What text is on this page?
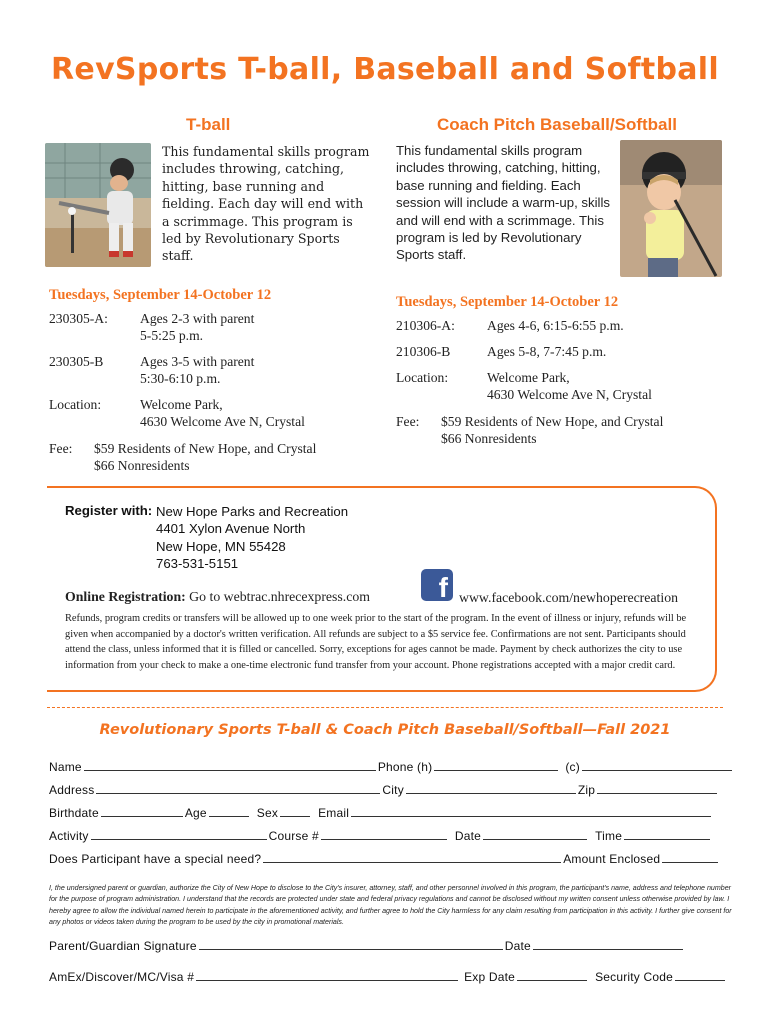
RevSports T-ball, Baseball and Softball
T-ball
This fundamental skills program includes throwing, catching, hitting, base running and fielding. Each day will end with a scrimmage. This program is led by Revolutionary Sports staff.
Tuesdays, September 14-October 12
230305-A: Ages 2-3 with parent
5-5:25 p.m.
230305-B	Ages 3-5 with parent
5:30-6:10 p.m.
Location:	Welcome Park,
4630 Welcome Ave N, Crystal
Fee: $59 Residents of New Hope, and Crystal
$66 Nonresidents
Coach Pitch Baseball/Softball
This fundamental skills program includes throwing, catching, hitting, base running and fielding. Each session will include a warm-up, skills and will end with a scrimmage. This program is led by Revolutionary Sports staff.
Tuesdays, September 14-October 12
210306-A: Ages 4-6, 6:15-6:55 p.m.
210306-B	Ages 5-8, 7-7:45 p.m.
Location:	Welcome Park,
4630 Welcome Ave N, Crystal
Fee: $59 Residents of New Hope, and Crystal
$66 Nonresidents
Register with: New Hope Parks and Recreation
4401 Xylon Avenue North
New Hope, MN 55428
763-531-5151
Online Registration: Go to webtrac.nhrecexpress.com	f www.facebook.com/newhoperecreation
Refunds, program credits or transfers will be allowed up to one week prior to the start of the program. In the event of illness or injury, refunds will be given when accompanied by a doctor's written verification. All refunds are subject to a $5 service fee. Confirmations are not sent. Participants should attend the class, unless informed that it is filled or cancelled. Sorry, exceptions for ages cannot be made. Payment by check authorizes the city to use information from your check to make a one-time electronic fund transfer from your account. Phone registrations accepted with a major credit card.
Revolutionary Sports T-ball & Coach Pitch Baseball/Softball—Fall 2021
Name	Phone (h)	(c)
Address	City	Zip
Birthdate	Age	Sex	Email
Activity	Course #	Date	Time
Does Participant have a special need?	Amount Enclosed
I, the undersigned parent or guardian, authorize the City of New Hope to disclose to the City's insurer, attorney, staff, and other personnel involved in this program, the participant's name, address and telephone number for the purpose of program administration. I understand that the records are protected under state and federal privacy regulations and cannot be disclosed without my written consent unless otherwise provided by law. I hereby agree to allow the individual named herein to participate in the aforementioned activity, and further agree to hold the City harmless for any claim resulting from participation in this activity. I further give consent for any photos or videos taken during the program to be used by the city in promotional materials.
Parent/Guardian Signature	Date
AmEx/Discover/MC/Visa #	Exp Date	Security Code
